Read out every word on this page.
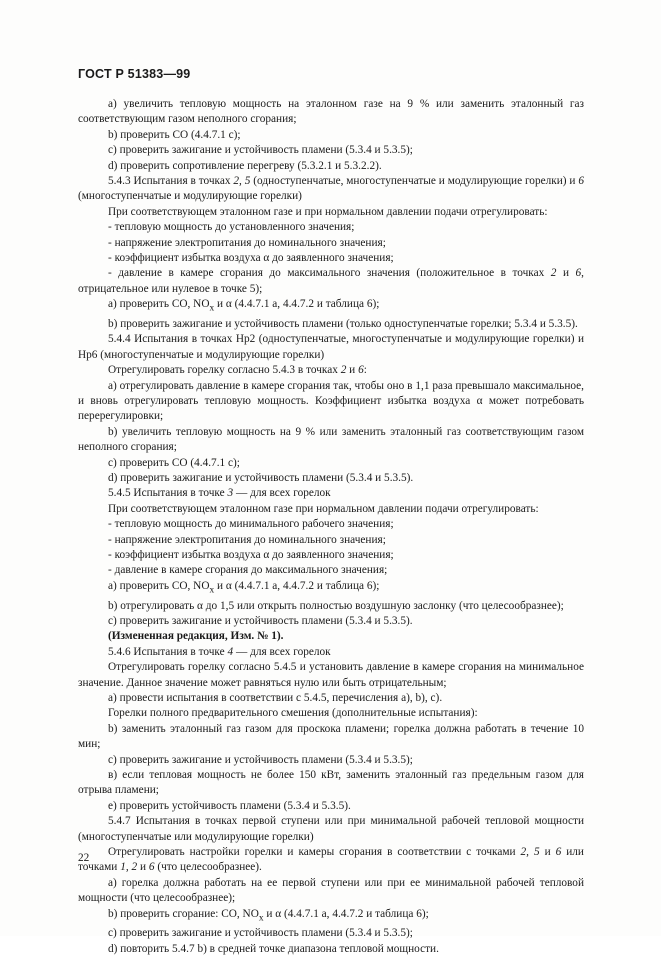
ГОСТ Р 51383—99

а) увеличить тепловую мощность на эталонном газе на 9 % или заменить эталонный газ соответствующим газом неполного сгорания;

b) проверить CO (4.4.7.1 c);

c) проверить зажигание и устойчивость пламени (5.3.4 и 5.3.5);

d) проверить сопротивление перегреву (5.3.2.1 и 5.3.2.2).

5.4.3 Испытания в точках 2, 5 (одноступенчатые, многоступенчатые и модулирующие горелки) и 6 (многоступенчатые и модулирующие горелки)

При соответствующем эталонном газе и при нормальном давлении подачи отрегулировать:

- тепловую мощность до установленного значения;

- напряжение электропитания до номинального значения;

- коэффициент избытка воздуха α до заявленного значения;

- давление в камере сгорания до максимального значения (положительное в точках 2 и 6, отрицательное или нулевое в точке 5);

а) проверить CO, $NO_x$ и α (4.4.7.1 a, 4.4.7.2 и таблица 6);

b) проверить зажигание и устойчивость пламени (только одноступенчатые горелки; 5.3.4 и 5.3.5).

5.4.4 Испытания в точках Hp2 (одноступенчатые, многоступенчатые и модулирующие горелки) и Hp6 (многоступенчатые и модулирующие горелки)

Отрегулировать горелку согласно 5.4.3 в точках 2 и 6:

а) отрегулировать давление в камере сгорания так, чтобы оно в 1,1 раза превышало максимальное, и вновь отрегулировать тепловую мощность. Коэффициент избытка воздуха α может потребовать перерегулировки;

b) увеличить тепловую мощность на 9 % или заменить эталонный газ соответствующим газом неполного сгорания;

c) проверить CO (4.4.7.1 c);

d) проверить зажигание и устойчивость пламени (5.3.4 и 5.3.5).

5.4.5 Испытания в точке 3 — для всех горелок

При соответствующем эталонном газе при нормальном давлении подачи отрегулировать:

- тепловую мощность до минимального рабочего значения;

- напряжение электропитания до номинального значения;

- коэффициент избытка воздуха α до заявленного значения;

- давление в камере сгорания до максимального значения;

а) проверить CO, $NO_x$ и α (4.4.7.1 a, 4.4.7.2 и таблица 6);

b) отрегулировать α до 1,5 или открыть полностью воздушную заслонку (что целесообразнее);

c) проверить зажигание и устойчивость пламени (5.3.4 и 5.3.5).

(Измененная редакция, Изм. № 1).

5.4.6 Испытания в точке 4 — для всех горелок

Отрегулировать горелку согласно 5.4.5 и установить давление в камере сгорания на минимальное значение. Данное значение может равняться нулю или быть отрицательным;

а) провести испытания в соответствии с 5.4.5, перечисления a), b), c).

Горелки полного предварительного смешения (дополнительные испытания):

b) заменить эталонный газ газом для проскока пламени; горелка должна работать в течение 10 мин;

c) проверить зажигание и устойчивость пламени (5.3.4 и 5.3.5);

в) если тепловая мощность не более 150 кВт, заменить эталонный газ предельным газом для отрыва пламени;

е) проверить устойчивость пламени (5.3.4 и 5.3.5).

5.4.7 Испытания в точках первой ступени или при минимальной рабочей тепловой мощности (многоступенчатые или модулирующие горелки)

Отрегулировать настройки горелки и камеры сгорания в соответствии с точками 2, 5 и 6 или точками 1, 2 и 6 (что целесообразнее).

а) горелка должна работать на ее первой ступени или при ее минимальной рабочей тепловой мощности (что целесообразнее);

b) проверить сгорание: CO, $NO_x$ и α (4.4.7.1 a, 4.4.7.2 и таблица 6);

c) проверить зажигание и устойчивость пламени (5.3.4 и 5.3.5);

d) повторить 5.4.7 b) в средней точке диапазона тепловой мощности.

22
